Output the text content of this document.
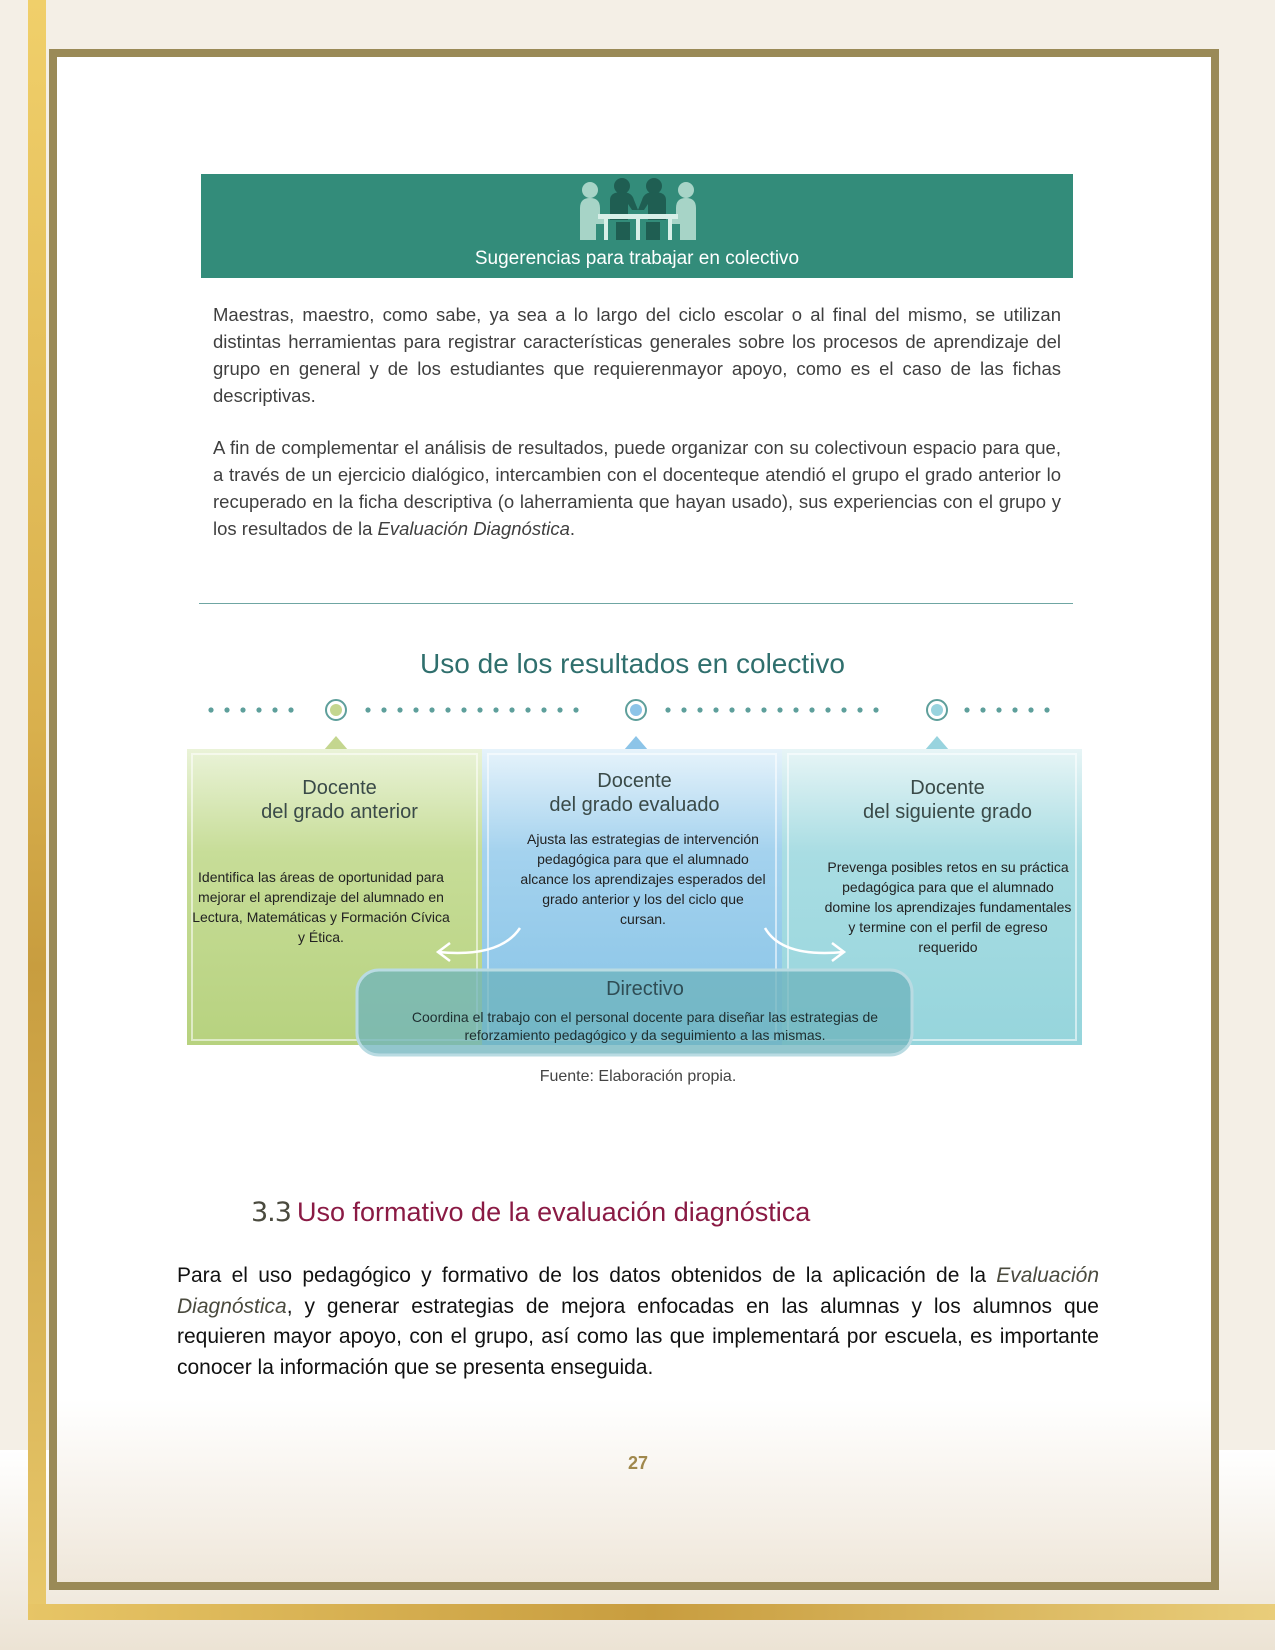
Sugerencias para trabajar en colectivo

Maestras, maestro, como sabe, ya sea a lo largo del ciclo escolar o al final del mismo, se utilizan distintas herramientas para registrar características generales sobre los procesos de aprendizaje del grupo en general y de los estudiantes que requierenmayor apoyo, como es el caso de las fichas descriptivas.

A fin de complementar el análisis de resultados, puede organizar con su colectivoun espacio para que, a través de un ejercicio dialógico, intercambien con el docenteque atendió el grupo el grado anterior lo recuperado en la ficha descriptiva (o laherramienta que hayan usado), sus experiencias con el grupo y los resultados de la Evaluación Diagnóstica.

Uso de los resultados en colectivo
Docente
del grado anterior
Docente
del grado evaluado
Docente
del siguiente grado
Identifica las áreas de oportunidad para mejorar el aprendizaje del alumnado en Lectura, Matemáticas y Formación Cívica y Ética.
Ajusta las estrategias de intervención pedagógica para que el alumnado alcance los aprendizajes esperados del grado anterior y los del ciclo que cursan.
Prevenga posibles retos en su práctica pedagógica para que el alumnado domine los aprendizajes fundamentales y termine con el perfil de egreso requerido
Directivo
Coordina el trabajo con el personal docente para diseñar las estrategias de reforzamiento pedagógico y da seguimiento a las mismas.
Fuente: Elaboración propia.
3.3 Uso formativo de la evaluación diagnóstica

Para el uso pedagógico y formativo de los datos obtenidos de la aplicación de la Evaluación Diagnóstica, y generar estrategias de mejora enfocadas en las alumnas y los alumnos que requieren mayor apoyo, con el grupo, así como las que implementará por escuela, es importante conocer la información que se presenta enseguida.

27
